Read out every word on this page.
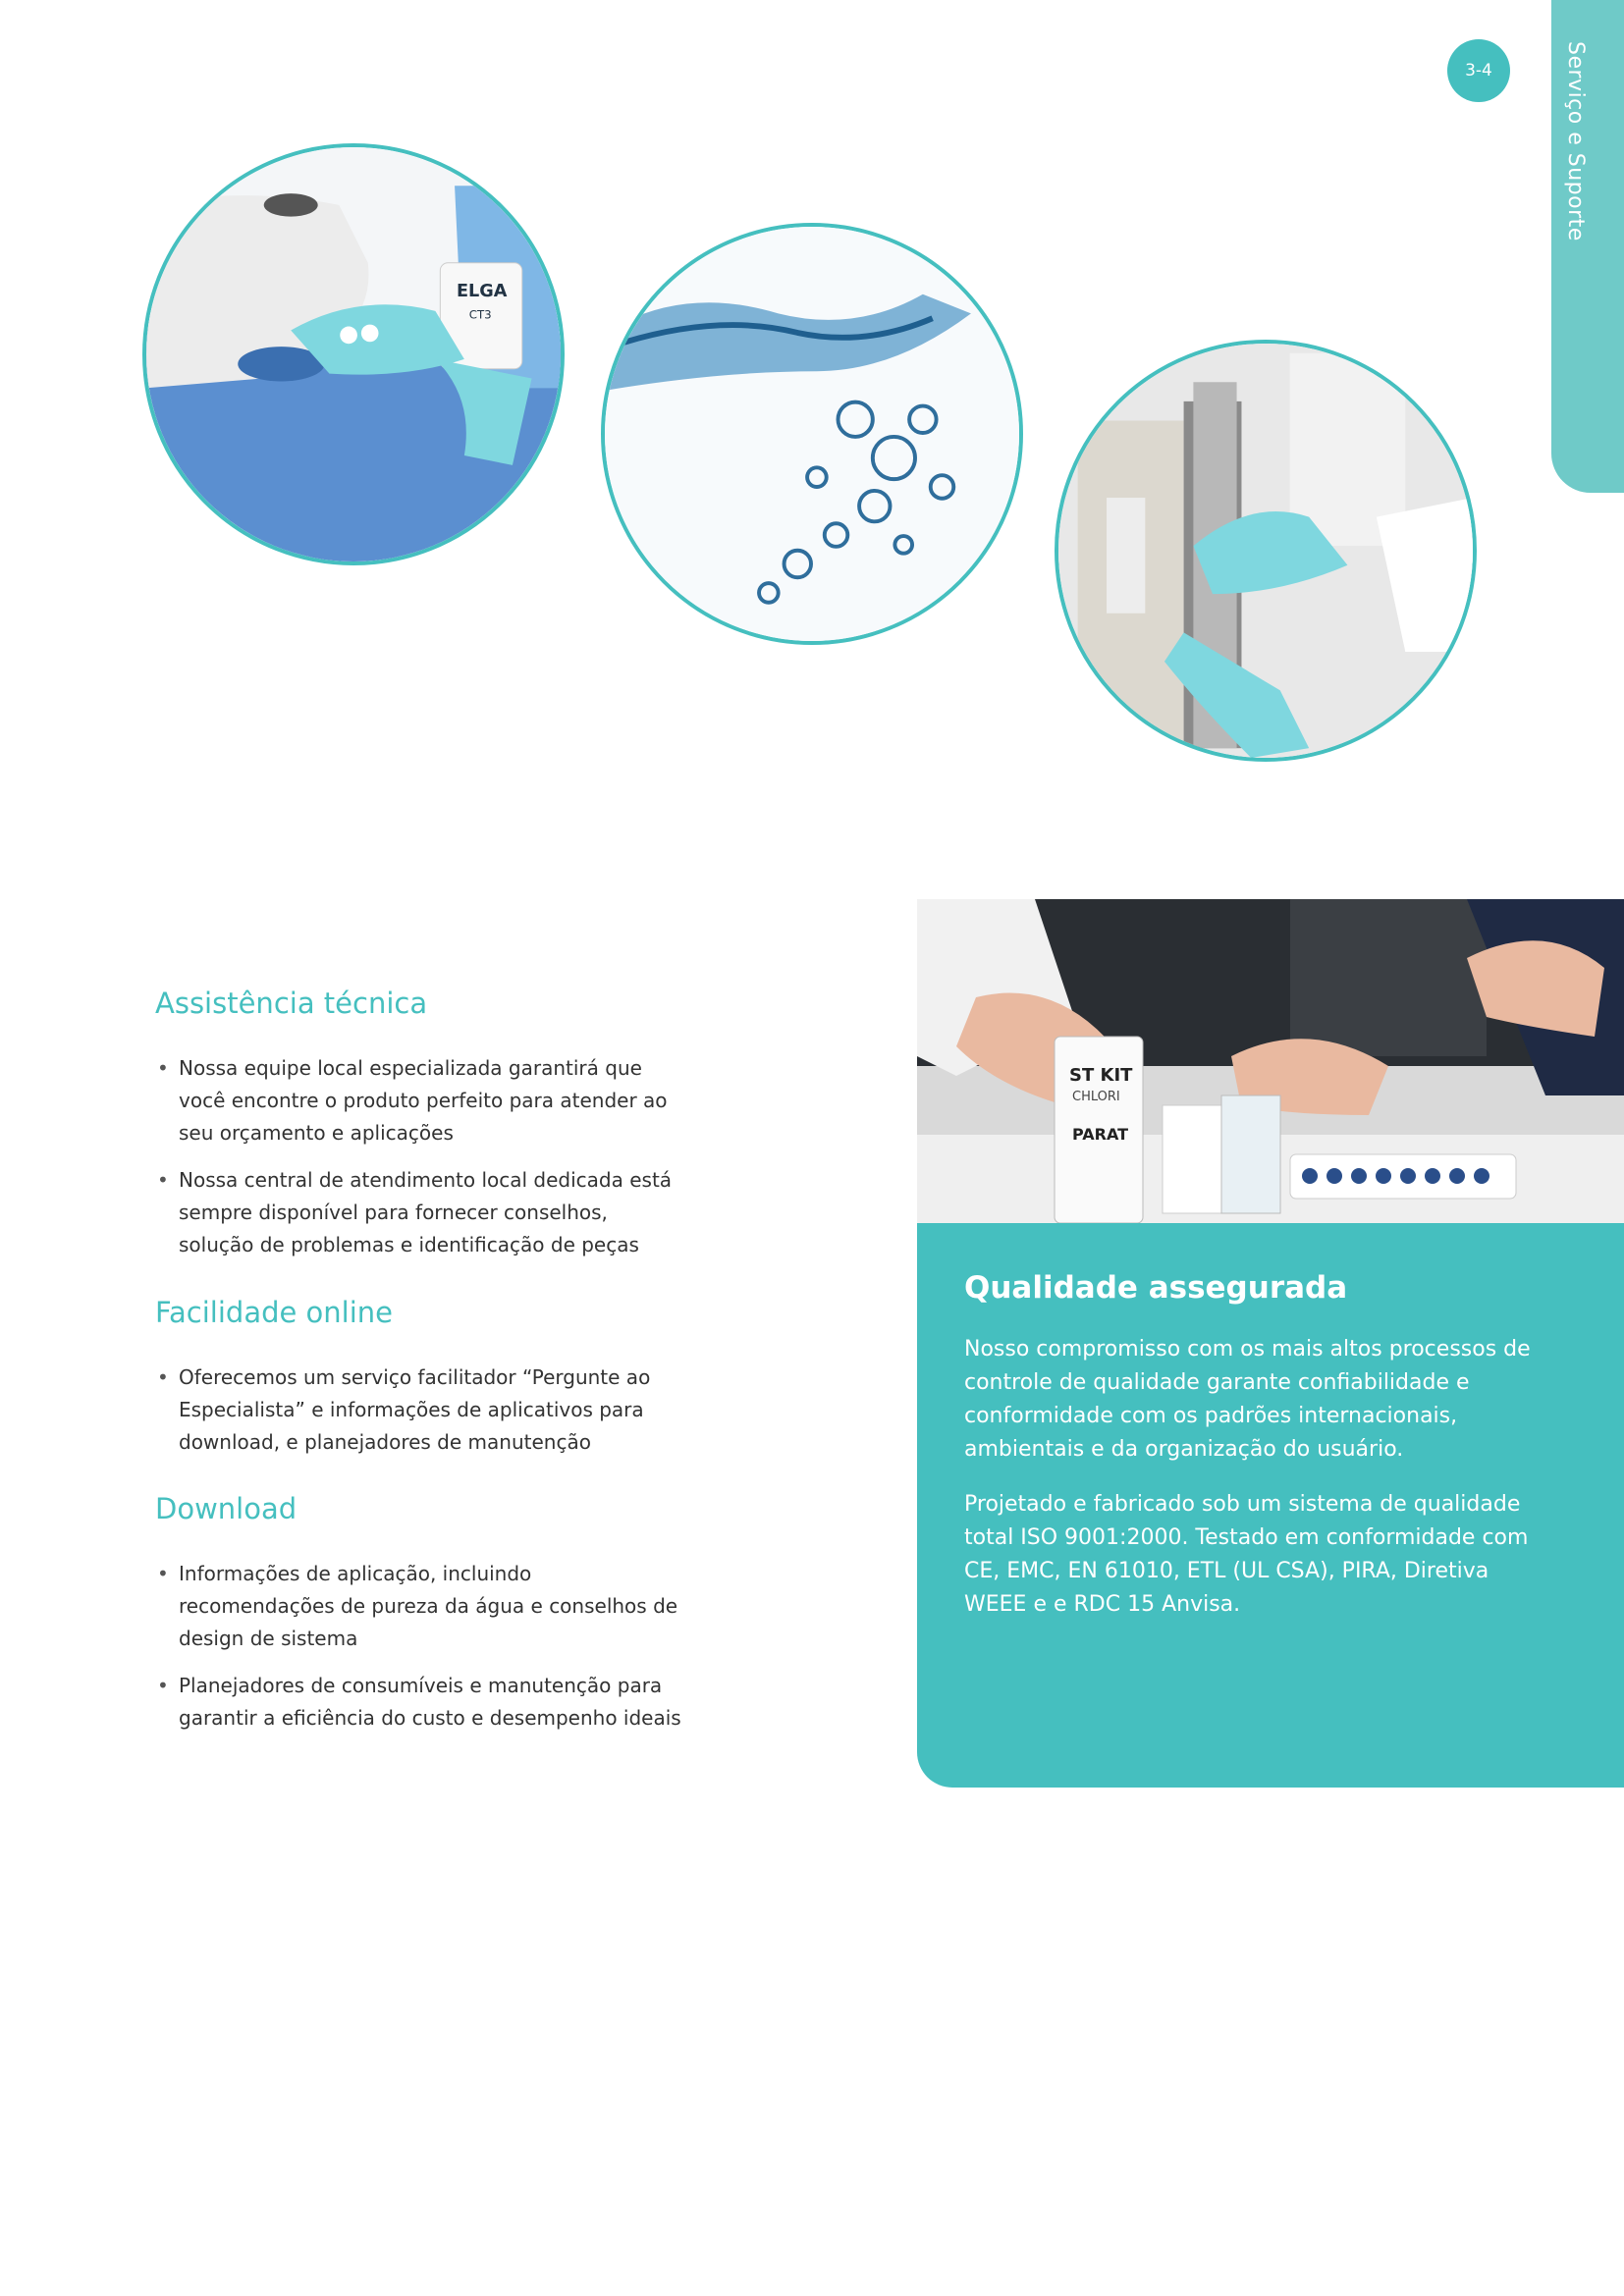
Serviço e Suporte
3-4
ELGA
CT3
Assistência técnica
• Nossa equipe local especializada garantirá que você encontre o produto perfeito para atender ao seu orçamento e aplicações
• Nossa central de atendimento local dedicada está sempre disponível para fornecer conselhos, solução de problemas e identificação de peças
Facilidade online
• Oferecemos um serviço facilitador “Pergunte ao Especialista” e informações de aplicativos para download, e planejadores de manutenção
Download
• Informações de aplicação, incluindo recomendações de pureza da água e conselhos de design de sistema
• Planejadores de consumíveis e manutenção para garantir a eficiência do custo e desempenho ideais
ST KIT
CHLORI
PARAT
Qualidade assegurada

Nosso compromisso com os mais altos processos de controle de qualidade garante confiabilidade e conformidade com os padrões internacionais, ambientais e da organização do usuário.

Projetado e fabricado sob um sistema de qualidade total ISO 9001:2000. Testado em conformidade com CE, EMC, EN 61010, ETL (UL CSA), PIRA, Diretiva WEEE e e RDC 15 Anvisa.
